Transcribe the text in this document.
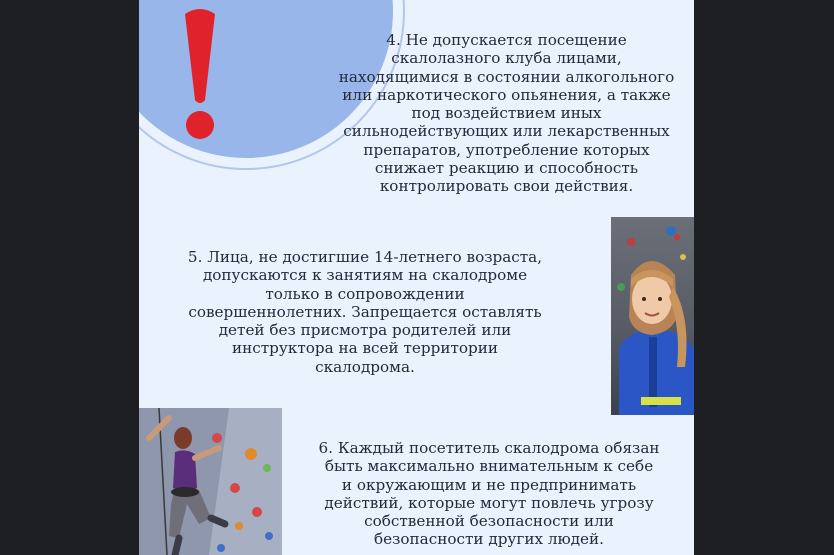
4. Не допускается посещение
скалолазного клуба лицами,
находящимися в состоянии алкогольного
или наркотического опьянения, а также
под воздействием иных
сильнодействующих или лекарственных
препаратов, употребление которых
снижает реакцию и способность
контролировать свои действия.

5. Лица, не достигшие 14-летнего возраста,
допускаются к занятиям на скалодроме
только в сопровождении
совершеннолетних. Запрещается оставлять
детей без присмотра родителей или
инструктора на всей территории
скалодрома.

6. Каждый посетитель скалодрома обязан
быть максимально внимательным к себе
и окружающим и не предпринимать
действий, которые могут повлечь угрозу
собственной безопасности или
безопасности других людей.
